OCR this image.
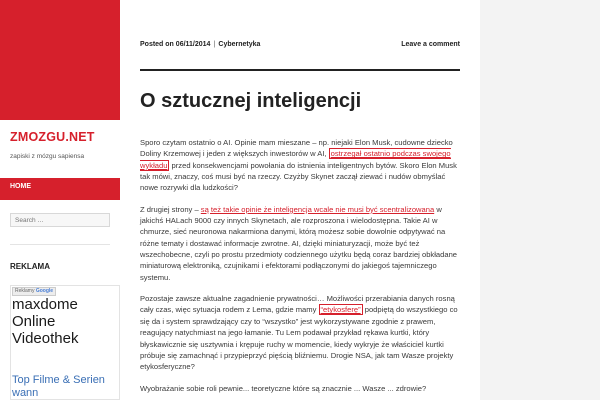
ZMOZGU.NET
zapiski z mózgu sapiensa
HOME
Search …
REKLAMA
Reklamy Google
maxdome Online Videothek
Top Filme & Serien wann
Posted on 06/11/2014 | Cybernetyka	Leave a comment
O sztucznej inteligencji

Sporo czytam ostatnio o AI. Opinie mam mieszane – np. niejaki Elon Musk, cudowne dziecko Doliny Krzemowej i jeden z większych inwestorów w AI, ostrzegał ostatnio podczas swojego wykładu przed konsekwencjami powołania do istnienia inteligentnych bytów. Skoro Elon Musk tak mówi, znaczy, coś musi być na rzeczy. Czyżby Skynet zaczął ziewać i nudów obmyślać nowe rozrywki dla ludzkości?

Z drugiej strony – są też takie opinie że inteligencja wcale nie musi być scentralizowana w jakichś HALach 9000 czy innych Skynetach, ale rozproszona i wielodostępna. Takie AI w chmurze, sieć neuronowa nakarmiona danymi, którą możesz sobie dowolnie odpytywać na różne tematy i dostawać informacje zwrotne. AI, dzięki miniaturyzacji, może być też wszechobecne, czyli po prostu przedmioty codziennego użytku będą coraz bardziej obkładane miniaturową elektroniką, czujnikami i efektorami podłączonymi do jakiegoś tajemniczego systemu.

Pozostaje zawsze aktualne zagadnienie prywatności… Możliwości przerabiania danych rosną cały czas, więc sytuacja rodem z Lema, gdzie mamy “etykosferę” podpiętą do wszystkiego co się da i system sprawdzający czy to “wszystko” jest wykorzystywane zgodnie z prawem, reagujący natychmiast na jego łamanie. Tu Lem podawał przykład rękawa kurtki, który błyskawicznie się usztywnia i krępuje ruchy w momencie, kiedy wykryje że właściciel kurtki próbuje się zamachnąć i przypieprzyć pięścią bliźniemu. Drogie NSA, jak tam Wasze projekty etykosferyczne?

Wyobrażanie sobie roli pewnie... teoretyczne które są znacznie ... Wasze ... zdrowie?
